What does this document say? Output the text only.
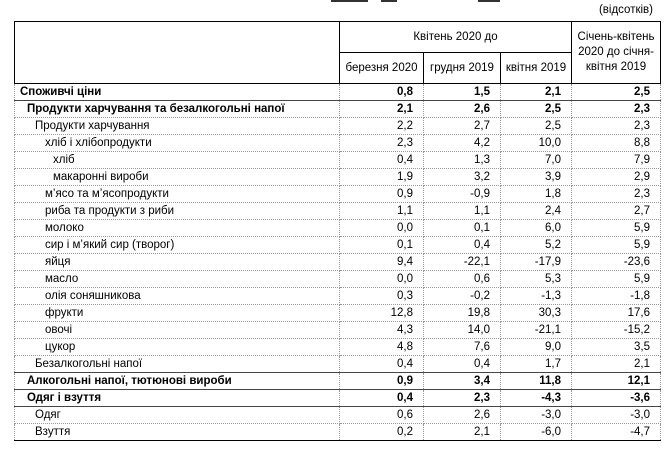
(відсотків)
	Квітень 2020 до			Січень-квітень 2020 до січня-квітня 2019
	березня 2020	грудня 2019	квітня 2019	
Споживчі ціни	0,8	1,5	2,1	2,5
Продукти харчування та безалкогольні напої	2,1	2,6	2,5	2,3
Продукти харчування	2,2	2,7	2,5	2,3
хліб і хлібопродукти	2,3	4,2	10,0	8,8
хліб	0,4	1,3	7,0	7,9
макаронні вироби	1,9	3,2	3,9	2,9
м’ясо та м’ясопродукти	0,9	-0,9	1,8	2,3
риба та продукти з риби	1,1	1,1	2,4	2,7
молоко	0,0	0,1	6,0	5,9
сир і м’який сир (творог)	0,1	0,4	5,2	5,9
яйця	9,4	-22,1	-17,9	-23,6
масло	0,0	0,6	5,3	5,9
олія соняшникова	0,3	-0,2	-1,3	-1,8
фрукти	12,8	19,8	30,3	17,6
овочі	4,3	14,0	-21,1	-15,2
цукор	4,8	7,6	9,0	3,5
Безалкогольні напої	0,4	0,4	1,7	2,1
Алкогольні напої, тютюнові вироби	0,9	3,4	11,8	12,1
Одяг і взуття	0,4	2,3	-4,3	-3,6
Одяг	0,6	2,6	-3,0	-3,0
Взуття	0,2	2,1	-6,0	-4,7
